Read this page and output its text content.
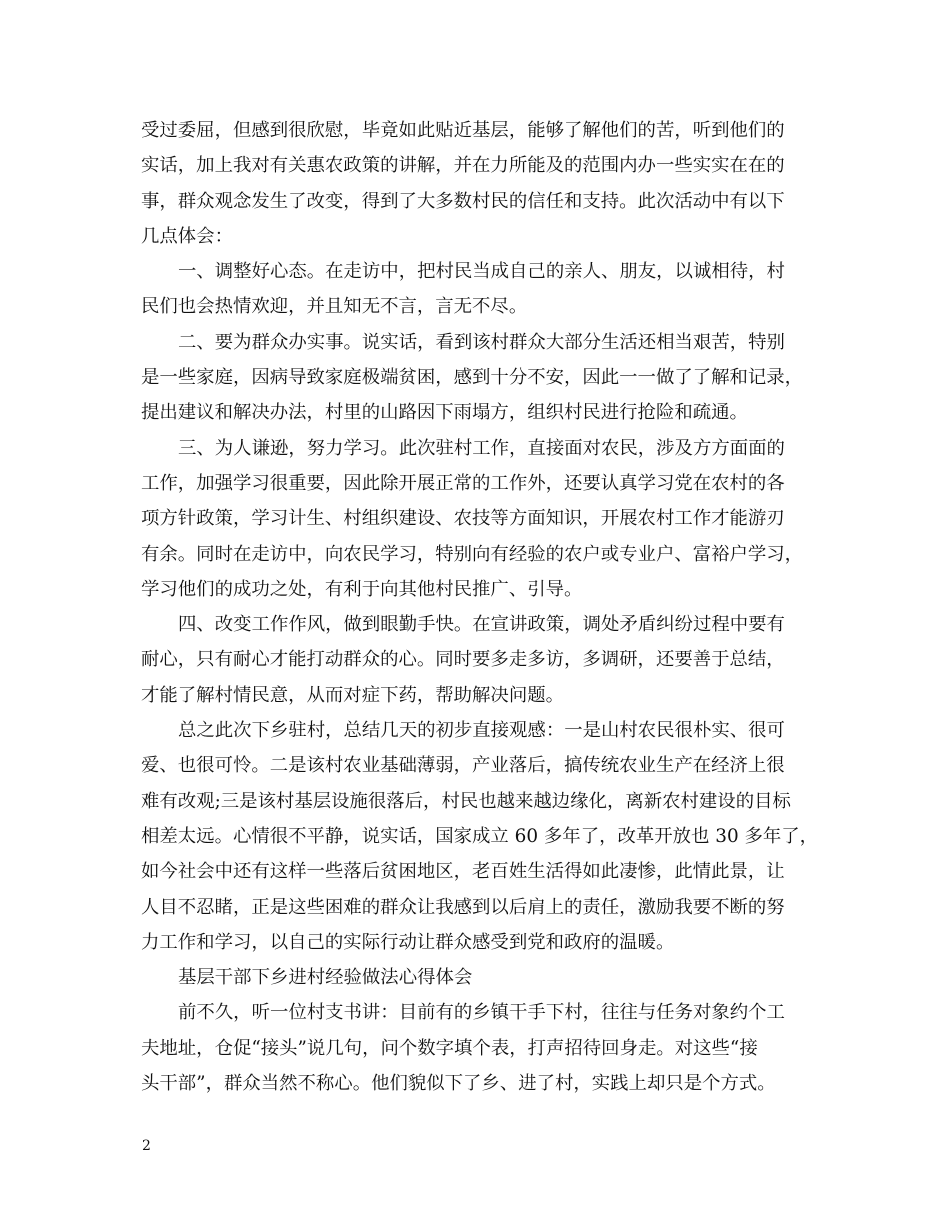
受过委屈，但感到很欣慰，毕竟如此贴近基层，能够了解他们的苦，听到他们的
实话，加上我对有关惠农政策的讲解，并在力所能及的范围内办一些实实在在的
事，群众观念发生了改变，得到了大多数村民的信任和支持。此次活动中有以下
几点体会：
一、调整好心态。在走访中，把村民当成自己的亲人、朋友，以诚相待，村
民们也会热情欢迎，并且知无不言，言无不尽。
二、要为群众办实事。说实话，看到该村群众大部分生活还相当艰苦，特别
是一些家庭，因病导致家庭极端贫困，感到十分不安，因此一一做了了解和记录，
提出建议和解决办法，村里的山路因下雨塌方，组织村民进行抢险和疏通。
三、为人谦逊，努力学习。此次驻村工作，直接面对农民，涉及方方面面的
工作，加强学习很重要，因此除开展正常的工作外，还要认真学习党在农村的各
项方针政策，学习计生、村组织建设、农技等方面知识，开展农村工作才能游刃
有余。同时在走访中，向农民学习，特别向有经验的农户或专业户、富裕户学习，
学习他们的成功之处，有利于向其他村民推广、引导。
四、改变工作作风，做到眼勤手快。在宣讲政策，调处矛盾纠纷过程中要有
耐心，只有耐心才能打动群众的心。同时要多走多访，多调研，还要善于总结，
才能了解村情民意，从而对症下药，帮助解决问题。
总之此次下乡驻村，总结几天的初步直接观感：一是山村农民很朴实、很可
爱、也很可怜。二是该村农业基础薄弱，产业落后，搞传统农业生产在经济上很
难有改观;三是该村基层设施很落后，村民也越来越边缘化，离新农村建设的目标
相差太远。心情很不平静，说实话，国家成立 60 多年了，改革开放也 30 多年了，
如今社会中还有这样一些落后贫困地区，老百姓生活得如此凄惨，此情此景，让
人目不忍睹，正是这些困难的群众让我感到以后肩上的责任，激励我要不断的努
力工作和学习，以自己的实际行动让群众感受到党和政府的温暖。
基层干部下乡进村经验做法心得体会
前不久，听一位村支书讲：目前有的乡镇干手下村，往往与任务对象约个工
夫地址，仓促“接头”说几句，问个数字填个表，打声招待回身走。对这些“接
头干部”，群众当然不称心。他们貌似下了乡、进了村，实践上却只是个方式。
2
